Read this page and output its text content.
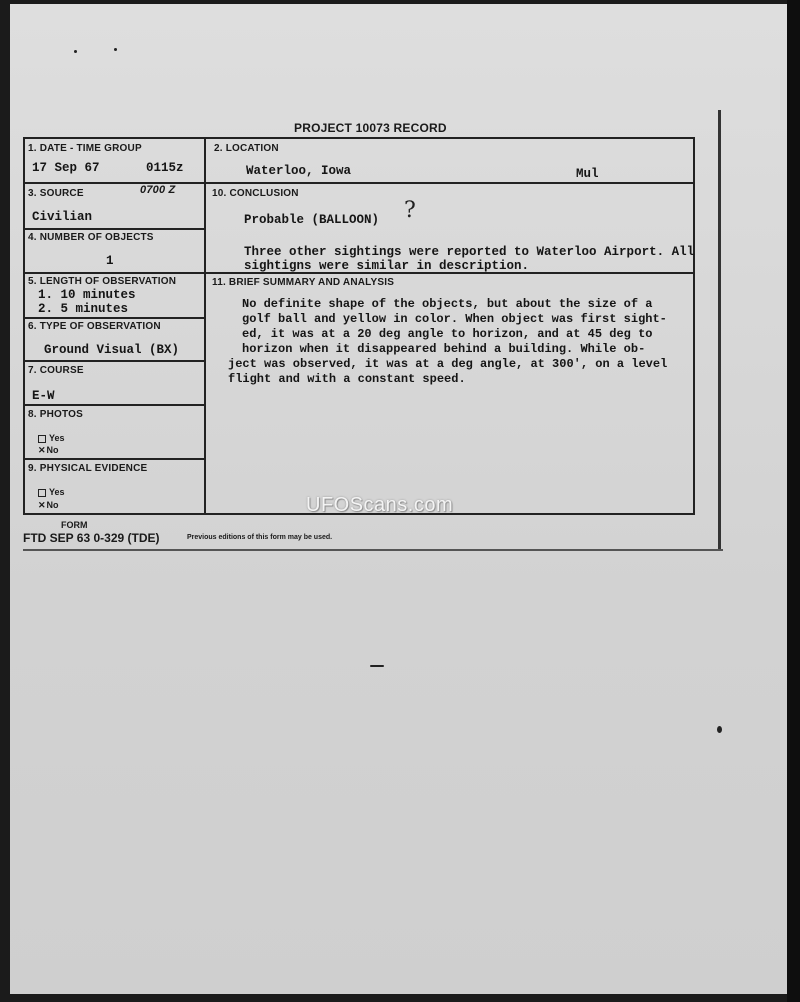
PROJECT 10073 RECORD
1. DATE - TIME GROUP
17 Sep 67	0115z
2. LOCATION
Waterloo, Iowa	Mul
3. SOURCE	0700 Z
Civilian
10. CONCLUSION
Probable (BALLOON) ?
Three other sightings were reported to Waterloo Airport. All
sightigns were similar in description.
4. NUMBER OF OBJECTS
1
5. LENGTH OF OBSERVATION
1. 10 minutes
2. 5 minutes
11. BRIEF SUMMARY AND ANALYSIS
No definite shape of the objects, but about the size of a
golf ball and yellow in color. When object was first sight-
ed, it was at a 20 deg angle to horizon, and at 45 deg to
horizon when it disappeared behind a building. While ob-
ject was observed, it was at a deg angle, at 300', on a level
flight and with a constant speed.
6. TYPE OF OBSERVATION
Ground Visual (BX)
7. COURSE
E-W
8. PHOTOS
Yes
✕No
9. PHYSICAL EVIDENCE
Yes
✕No	UFOScans.com
FORM
FTD SEP 63 0-329 (TDE)	Previous editions of this form may be used.
